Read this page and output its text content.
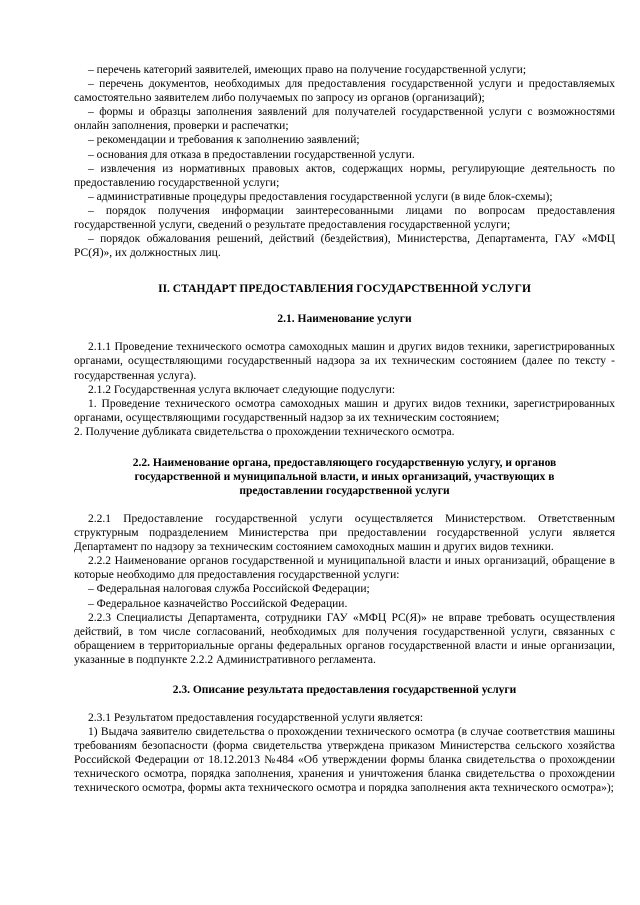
– перечень категорий заявителей, имеющих право на получение государственной услуги;

– перечень документов, необходимых для предоставления государственной услуги и предоставляемых самостоятельно заявителем либо получаемых по запросу из органов (организаций);

– формы и образцы заполнения заявлений для получателей государственной услуги с возможностями онлайн заполнения, проверки и распечатки;

– рекомендации и требования к заполнению заявлений;

– основания для отказа в предоставлении государственной услуги.

– извлечения из нормативных правовых актов, содержащих нормы, регулирующие деятельность по предоставлению государственной услуги;

– административные процедуры предоставления государственной услуги (в виде блок-схемы);

– порядок получения информации заинтересованными лицами по вопросам предоставления государственной услуги, сведений о результате предоставления государственной услуги;

– порядок обжалования решений, действий (бездействия), Министерства, Департамента, ГАУ «МФЦ РС(Я)», их должностных лиц.

II. СТАНДАРТ ПРЕДОСТАВЛЕНИЯ ГОСУДАРСТВЕННОЙ УСЛУГИ
2.1. Наименование услуги

2.1.1 Проведение технического осмотра самоходных машин и других видов техники, зарегистрированных органами, осуществляющими государственный надзора за их техническим состоянием (далее по тексту - государственная услуга).

2.1.2 Государственная услуга включает следующие подуслуги:

1. Проведение технического осмотра самоходных машин и других видов техники, зарегистрированных органами, осуществляющими государственный надзор за их техническим состоянием;

2. Получение дубликата свидетельства о прохождении технического осмотра.

2.2. Наименование органа, предоставляющего государственную услугу, и органов государственной и муниципальной власти, и иных организаций, участвующих в предоставлении государственной услуги

2.2.1 Предоставление государственной услуги осуществляется Министерством. Ответственным структурным подразделением Министерства при предоставлении государственной услуги является Департамент по надзору за техническим состоянием самоходных машин и других видов техники.

2.2.2 Наименование органов государственной и муниципальной власти и иных организаций, обращение в которые необходимо для предоставления государственной услуги:

– Федеральная налоговая служба Российской Федерации;

– Федеральное казначейство Российской Федерации.

2.2.3 Специалисты Департамента, сотрудники ГАУ «МФЦ РС(Я)» не вправе требовать осуществления действий, в том числе согласований, необходимых для получения государственной услуги, связанных с обращением в территориальные органы федеральных органов государственной власти и иные организации, указанные в подпункте 2.2.2 Административного регламента.

2.3. Описание результата предоставления государственной услуги

2.3.1 Результатом предоставления государственной услуги является:

1) Выдача заявителю свидетельства о прохождении технического осмотра (в случае соответствия машины требованиям безопасности (форма свидетельства утверждена приказом Министерства сельского хозяйства Российской Федерации от 18.12.2013 №484 «Об утверждении формы бланка свидетельства о прохождении технического осмотра, порядка заполнения, хранения и уничтожения бланка свидетельства о прохождении технического осмотра, формы акта технического осмотра и порядка заполнения акта технического осмотра»);
